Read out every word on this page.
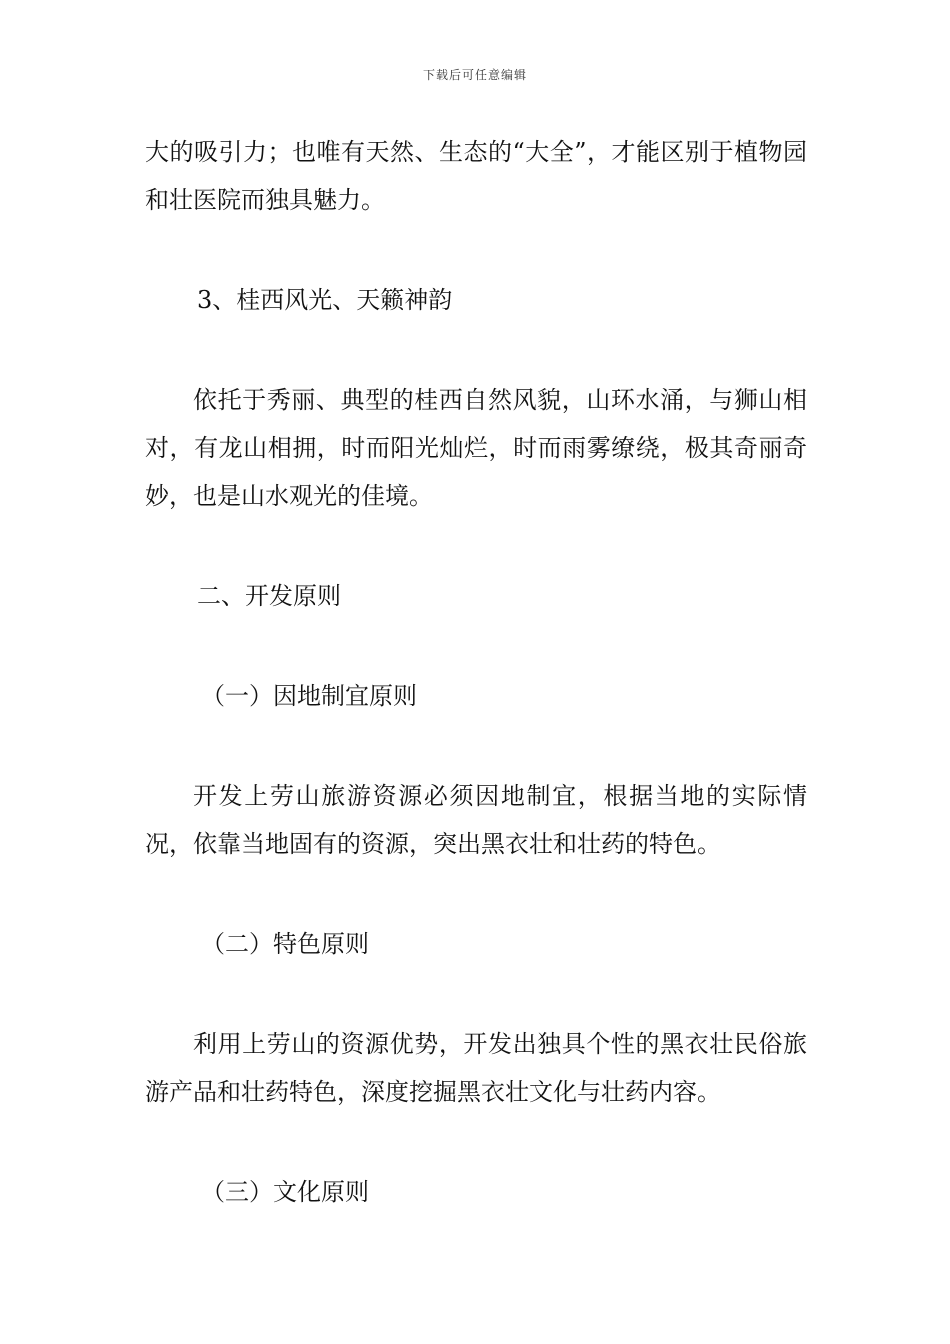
下载后可任意编辑

大的吸引力；也唯有天然、生态的“大全”，才能区别于植物园和壮医院而独具魅力。

3、桂西风光、天籁神韵

依托于秀丽、典型的桂西自然风貌，山环水涌，与狮山相对，有龙山相拥，时而阳光灿烂，时而雨雾缭绕，极其奇丽奇妙，也是山水观光的佳境。

二、开发原则

（一）因地制宜原则

开发上劳山旅游资源必须因地制宜，根据当地的实际情况，依靠当地固有的资源，突出黑衣壮和壮药的特色。

（二）特色原则

利用上劳山的资源优势，开发出独具个性的黑衣壮民俗旅游产品和壮药特色，深度挖掘黑衣壮文化与壮药内容。

（三）文化原则
